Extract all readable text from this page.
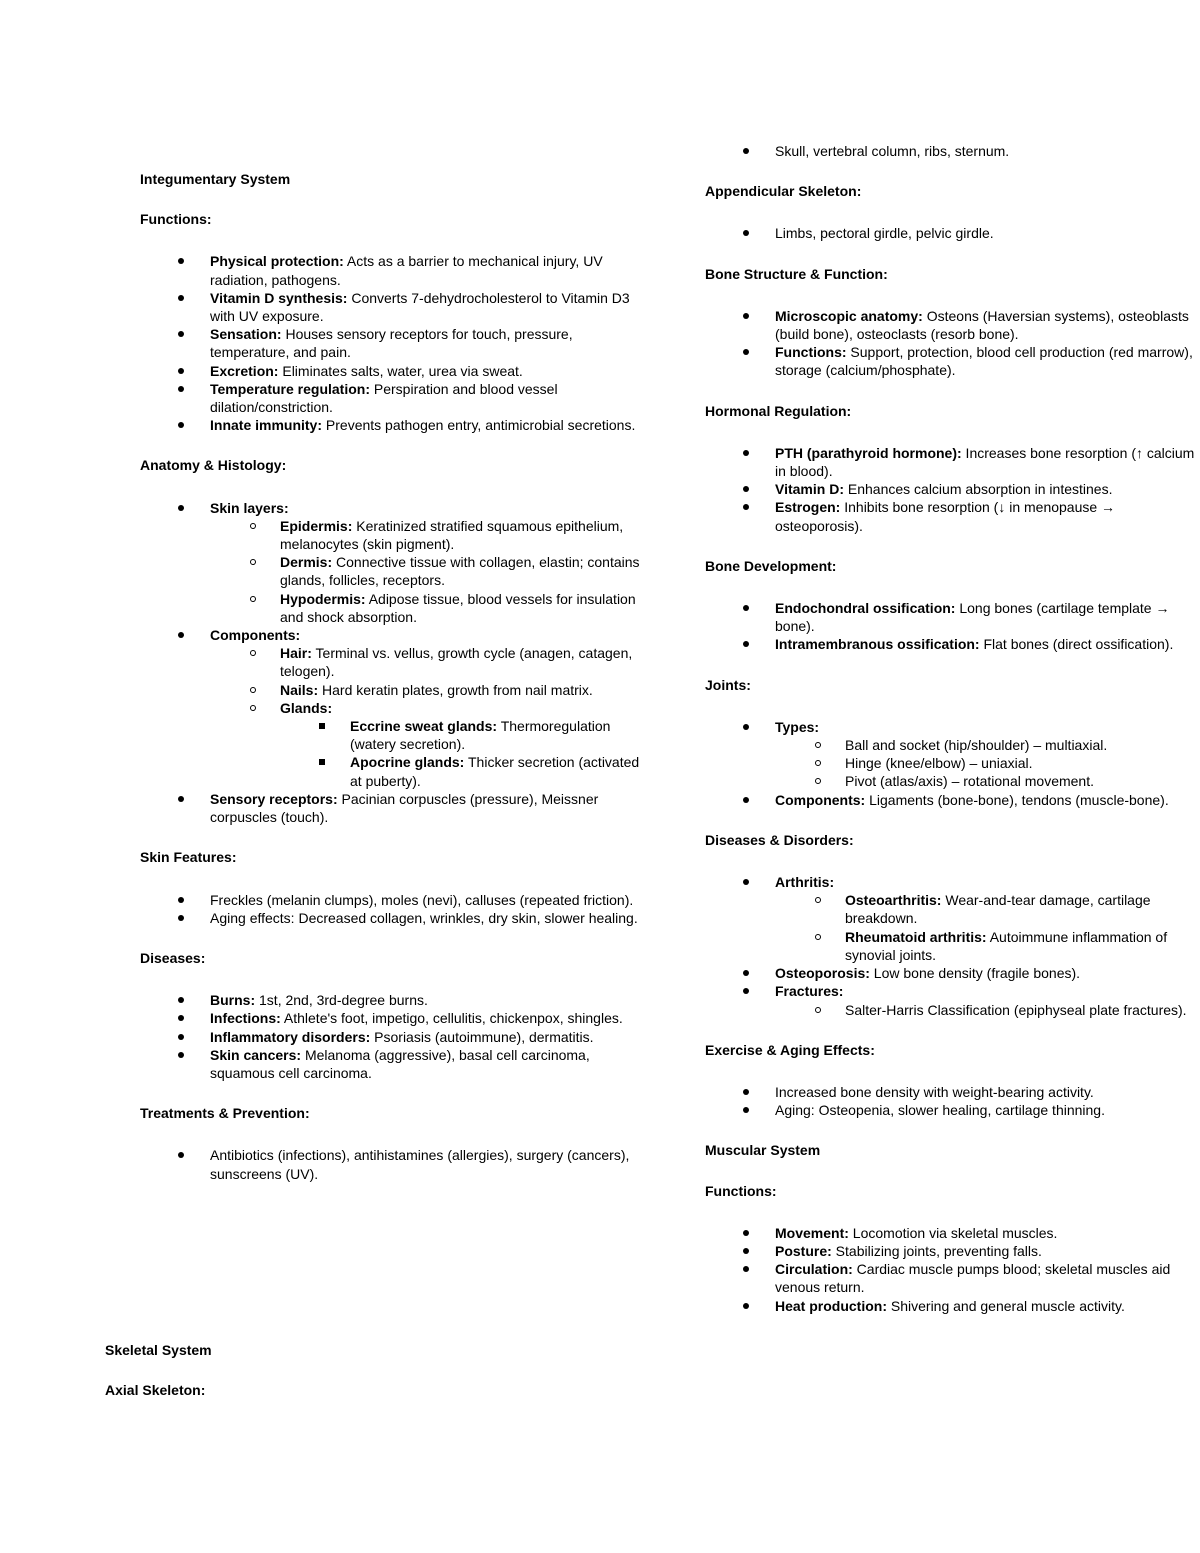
Integumentary System
Functions:
Physical protection: Acts as a barrier to mechanical injury, UV radiation, pathogens.
Vitamin D synthesis: Converts 7-dehydrocholesterol to Vitamin D3 with UV exposure.
Sensation: Houses sensory receptors for touch, pressure, temperature, and pain.
Excretion: Eliminates salts, water, urea via sweat.
Temperature regulation: Perspiration and blood vessel dilation/constriction.
Innate immunity: Prevents pathogen entry, antimicrobial secretions.
Anatomy & Histology:
Skin layers:
Epidermis: Keratinized stratified squamous epithelium, melanocytes (skin pigment).
Dermis: Connective tissue with collagen, elastin; contains glands, follicles, receptors.
Hypodermis: Adipose tissue, blood vessels for insulation and shock absorption.
Components:
Hair: Terminal vs. vellus, growth cycle (anagen, catagen, telogen).
Nails: Hard keratin plates, growth from nail matrix.
Glands:
Eccrine sweat glands: Thermoregulation (watery secretion).
Apocrine glands: Thicker secretion (activated at puberty).
Sensory receptors: Pacinian corpuscles (pressure), Meissner corpuscles (touch).
Skin Features:
Freckles (melanin clumps), moles (nevi), calluses (repeated friction).
Aging effects: Decreased collagen, wrinkles, dry skin, slower healing.
Diseases:
Burns: 1st, 2nd, 3rd-degree burns.
Infections: Athlete's foot, impetigo, cellulitis, chickenpox, shingles.
Inflammatory disorders: Psoriasis (autoimmune), dermatitis.
Skin cancers: Melanoma (aggressive), basal cell carcinoma, squamous cell carcinoma.
Treatments & Prevention:
Antibiotics (infections), antihistamines (allergies), surgery (cancers), sunscreens (UV).
Skeletal System
Axial Skeleton:
Skull, vertebral column, ribs, sternum.
Appendicular Skeleton:
Limbs, pectoral girdle, pelvic girdle.
Bone Structure & Function:
Microscopic anatomy: Osteons (Haversian systems), osteoblasts (build bone), osteoclasts (resorb bone).
Functions: Support, protection, blood cell production (red marrow), storage (calcium/phosphate).
Hormonal Regulation:
PTH (parathyroid hormone): Increases bone resorption (↑ calcium in blood).
Vitamin D: Enhances calcium absorption in intestines.
Estrogen: Inhibits bone resorption (↓ in menopause → osteoporosis).
Bone Development:
Endochondral ossification: Long bones (cartilage template → bone).
Intramembranous ossification: Flat bones (direct ossification).
Joints:
Types:
Ball and socket (hip/shoulder) – multiaxial.
Hinge (knee/elbow) – uniaxial.
Pivot (atlas/axis) – rotational movement.
Components: Ligaments (bone-bone), tendons (muscle-bone).
Diseases & Disorders:
Arthritis:
Osteoarthritis: Wear-and-tear damage, cartilage breakdown.
Rheumatoid arthritis: Autoimmune inflammation of synovial joints.
Osteoporosis: Low bone density (fragile bones).
Fractures:
Salter-Harris Classification (epiphyseal plate fractures).
Exercise & Aging Effects:
Increased bone density with weight-bearing activity.
Aging: Osteopenia, slower healing, cartilage thinning.
Muscular System
Functions:
Movement: Locomotion via skeletal muscles.
Posture: Stabilizing joints, preventing falls.
Circulation: Cardiac muscle pumps blood; skeletal muscles aid venous return.
Heat production: Shivering and general muscle activity.
